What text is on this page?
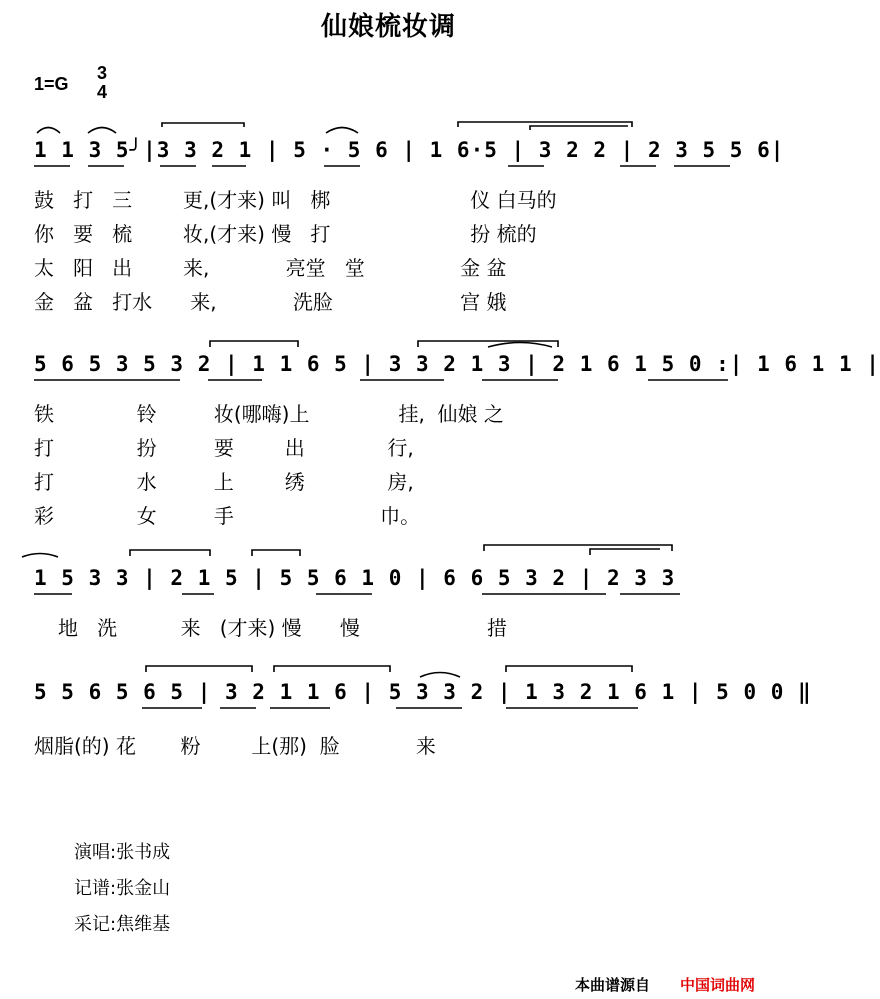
仙娘梳妆调
1=G
3
4
1 1 3 5╯|3 3 2 1 | 5 · 5 6 | 1 6·5 | 3 2 2 | 2 3 5 5 6|
鼓   打   三        更,(才来) 叫   梆                      仪 白马的
你   要   梳        妆,(才来) 慢   打                      扮 梳的
太   阳   出        来,            亮堂   堂               金 盆
金   盆   打水      来,            洗脸                    宫 娥
5 6 5 3 5 3 2 | 1 1 6 5 | 3 3 2 1 3 | 2 1 6 1 5 0 :| 1 6 1 1 |
铁             铃         妆(哪嗨)上              挂,  仙娘 之
打             扮         要        出             行,
打             水         上        绣             房,
彩             女         手                       巾。
1 5 3 3 | 2 1 5 | 5 5 6 1 0 | 6 6 5 3 2 | 2 3 3
地   洗          来   (才来) 慢      慢                    措
5 5 6 5 6 5 | 3 2 1 1 6 | 5 3 3 2 | 1 3 2 1 6 1 | 5 0 0 ‖
烟脂(的) 花       粉        上(那)  脸            来
演唱:张书成
记谱:张金山
采记:焦维基
本曲谱源自 中国词曲网
